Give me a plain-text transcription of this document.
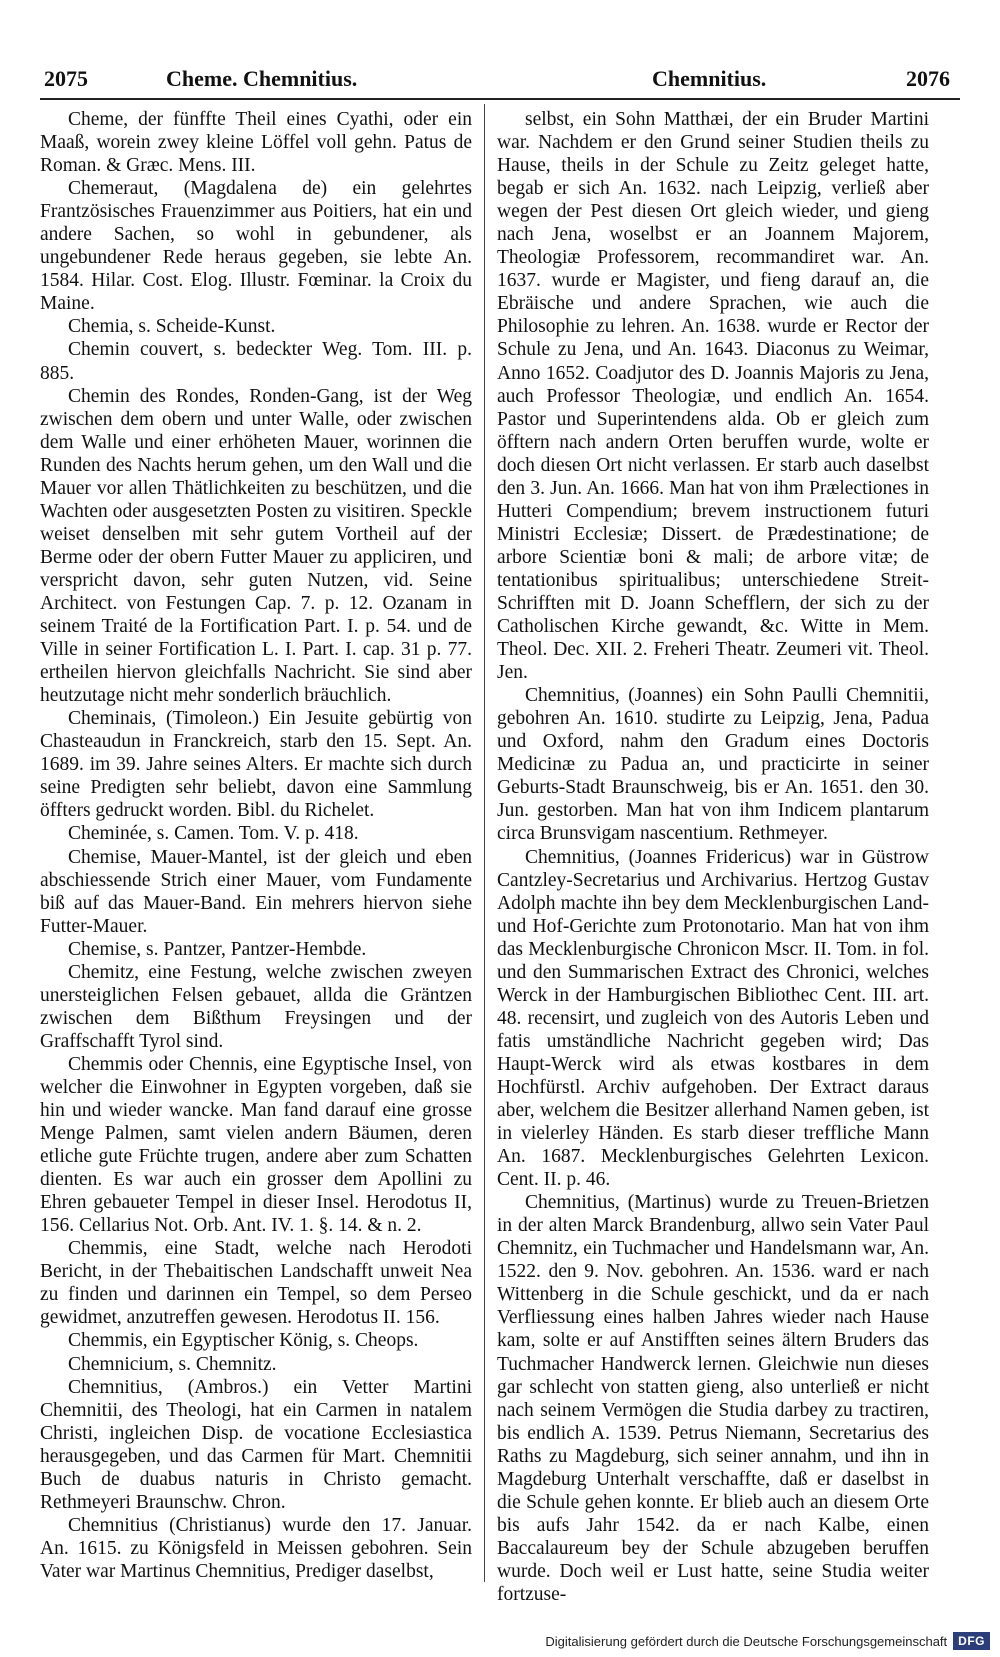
2075	Cheme. Chemnitius.	Chemnitius.	2076

Cheme, der fünffte Theil eines Cyathi, oder ein Maaß, worein zwey kleine Löffel voll gehn. Patus de Roman. & Græc. Mens. III.

Chemeraut, (Magdalena de) ein gelehrtes Frantzösisches Frauenzimmer aus Poitiers, hat ein und andere Sachen, so wohl in gebundener, als ungebundener Rede heraus gegeben, sie lebte An. 1584. Hilar. Cost. Elog. Illustr. Fœminar. la Croix du Maine.

Chemia, s. Scheide-Kunst.

Chemin couvert, s. bedeckter Weg. Tom. III. p. 885.

Chemin des Rondes, Ronden-Gang, ist der Weg zwischen dem obern und unter Walle, oder zwischen dem Walle und einer erhöheten Mauer, worinnen die Runden des Nachts herum gehen, um den Wall und die Mauer vor allen Thätlichkeiten zu beschützen, und die Wachten oder ausgesetzten Posten zu visitiren. Speckle weiset denselben mit sehr gutem Vortheil auf der Berme oder der obern Futter Mauer zu appliciren, und verspricht davon, sehr guten Nutzen, vid. Seine Architect. von Festungen Cap. 7. p. 12. Ozanam in seinem Traité de la Fortification Part. I. p. 54. und de Ville in seiner Fortification L. I. Part. I. cap. 31 p. 77. ertheilen hiervon gleichfalls Nachricht. Sie sind aber heutzutage nicht mehr sonderlich bräuchlich.

Cheminais, (Timoleon.) Ein Jesuite gebürtig von Chasteaudun in Franckreich, starb den 15. Sept. An. 1689. im 39. Jahre seines Alters. Er machte sich durch seine Predigten sehr beliebt, davon eine Sammlung öffters gedruckt worden. Bibl. du Richelet.

Cheminée, s. Camen. Tom. V. p. 418.

Chemise, Mauer-Mantel, ist der gleich und eben abschiessende Strich einer Mauer, vom Fundamente biß auf das Mauer-Band. Ein mehrers hiervon siehe Futter-Mauer.

Chemise, s. Pantzer, Pantzer-Hembde.

Chemitz, eine Festung, welche zwischen zweyen unersteiglichen Felsen gebauet, allda die Gräntzen zwischen dem Bißthum Freysingen und der Graffschafft Tyrol sind.

Chemmis oder Chennis, eine Egyptische Insel, von welcher die Einwohner in Egypten vorgeben, daß sie hin und wieder wancke. Man fand darauf eine grosse Menge Palmen, samt vielen andern Bäumen, deren etliche gute Früchte trugen, andere aber zum Schatten dienten. Es war auch ein grosser dem Apollini zu Ehren gebaueter Tempel in dieser Insel. Herodotus II, 156. Cellarius Not. Orb. Ant. IV. 1. §. 14. & n. 2.

Chemmis, eine Stadt, welche nach Herodoti Bericht, in der Thebaitischen Landschafft unweit Nea zu finden und darinnen ein Tempel, so dem Perseo gewidmet, anzutreffen gewesen. Herodotus II. 156.

Chemmis, ein Egyptischer König, s. Cheops.

Chemnicium, s. Chemnitz.

Chemnitius, (Ambros.) ein Vetter Martini Chemnitii, des Theologi, hat ein Carmen in natalem Christi, ingleichen Disp. de vocatione Ecclesiastica herausgegeben, und das Carmen für Mart. Chemnitii Buch de duabus naturis in Christo gemacht. Rethmeyeri Braunschw. Chron.

Chemnitius (Christianus) wurde den 17. Januar. An. 1615. zu Königsfeld in Meissen gebohren. Sein Vater war Martinus Chemnitius, Prediger daselbst,

selbst, ein Sohn Matthæi, der ein Bruder Martini war. Nachdem er den Grund seiner Studien theils zu Hause, theils in der Schule zu Zeitz geleget hatte, begab er sich An. 1632. nach Leipzig, verließ aber wegen der Pest diesen Ort gleich wieder, und gieng nach Jena, woselbst er an Joannem Majorem, Theologiæ Professorem, recommandiret war. An. 1637. wurde er Magister, und fieng darauf an, die Ebräische und andere Sprachen, wie auch die Philosophie zu lehren. An. 1638. wurde er Rector der Schule zu Jena, und An. 1643. Diaconus zu Weimar, Anno 1652. Coadjutor des D. Joannis Majoris zu Jena, auch Professor Theologiæ, und endlich An. 1654. Pastor und Superintendens alda. Ob er gleich zum öfftern nach andern Orten beruffen wurde, wolte er doch diesen Ort nicht verlassen. Er starb auch daselbst den 3. Jun. An. 1666. Man hat von ihm Prælectiones in Hutteri Compendium; brevem instructionem futuri Ministri Ecclesiæ; Dissert. de Prædestinatione; de arbore Scientiæ boni & mali; de arbore vitæ; de tentationibus spiritualibus; unterschiedene Streit-Schrifften mit D. Joann Schefflern, der sich zu der Catholischen Kirche gewandt, &c. Witte in Mem. Theol. Dec. XII. 2. Freheri Theatr. Zeumeri vit. Theol. Jen.

Chemnitius, (Joannes) ein Sohn Paulli Chemnitii, gebohren An. 1610. studirte zu Leipzig, Jena, Padua und Oxford, nahm den Gradum eines Doctoris Medicinæ zu Padua an, und practicirte in seiner Geburts-Stadt Braunschweig, bis er An. 1651. den 30. Jun. gestorben. Man hat von ihm Indicem plantarum circa Brunsvigam nascentium. Rethmeyer.

Chemnitius, (Joannes Fridericus) war in Güstrow Cantzley-Secretarius und Archivarius. Hertzog Gustav Adolph machte ihn bey dem Mecklenburgischen Land- und Hof-Gerichte zum Protonotario. Man hat von ihm das Mecklenburgische Chronicon Mscr. II. Tom. in fol. und den Summarischen Extract des Chronici, welches Werck in der Hamburgischen Bibliothec Cent. III. art. 48. recensirt, und zugleich von des Autoris Leben und fatis umständliche Nachricht gegeben wird; Das Haupt-Werck wird als etwas kostbares in dem Hochfürstl. Archiv aufgehoben. Der Extract daraus aber, welchem die Besitzer allerhand Namen geben, ist in vielerley Händen. Es starb dieser treffliche Mann An. 1687. Mecklenburgisches Gelehrten Lexicon. Cent. II. p. 46.

Chemnitius, (Martinus) wurde zu Treuen-Brietzen in der alten Marck Brandenburg, allwo sein Vater Paul Chemnitz, ein Tuchmacher und Handelsmann war, An. 1522. den 9. Nov. gebohren. An. 1536. ward er nach Wittenberg in die Schule geschickt, und da er nach Verfliessung eines halben Jahres wieder nach Hause kam, solte er auf Anstifften seines ältern Bruders das Tuchmacher Handwerck lernen. Gleichwie nun dieses gar schlecht von statten gieng, also unterließ er nicht nach seinem Vermögen die Studia darbey zu tractiren, bis endlich A. 1539. Petrus Niemann, Secretarius des Raths zu Magdeburg, sich seiner annahm, und ihn in Magdeburg Unterhalt verschaffte, daß er daselbst in die Schule gehen konnte. Er blieb auch an diesem Orte bis aufs Jahr 1542. da er nach Kalbe, einen Baccalaureum bey der Schule abzugeben beruffen wurde. Doch weil er Lust hatte, seine Studia weiter fortzuse-

Digitalisierung gefördert durch die Deutsche Forschungsgemeinschaft DFG
